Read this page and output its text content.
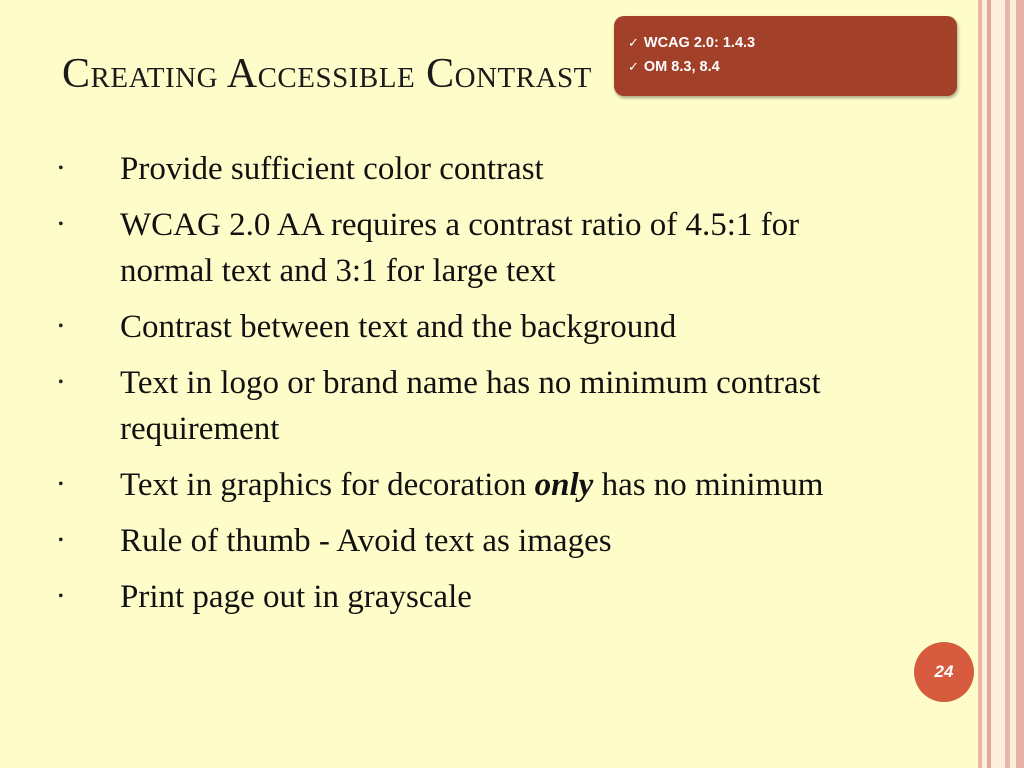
Creating Accessible Contrast
✓ WCAG 2.0: 1.4.3
✓ OM 8.3, 8.4
• Provide sufficient color contrast
• WCAG 2.0 AA requires a contrast ratio of 4.5:1 for normal text and 3:1 for large text
• Contrast between text and the background
• Text in logo or brand name has no minimum contrast requirement
• Text in graphics for decoration only has no minimum
• Rule of thumb - Avoid text as images
• Print page out in grayscale
24
